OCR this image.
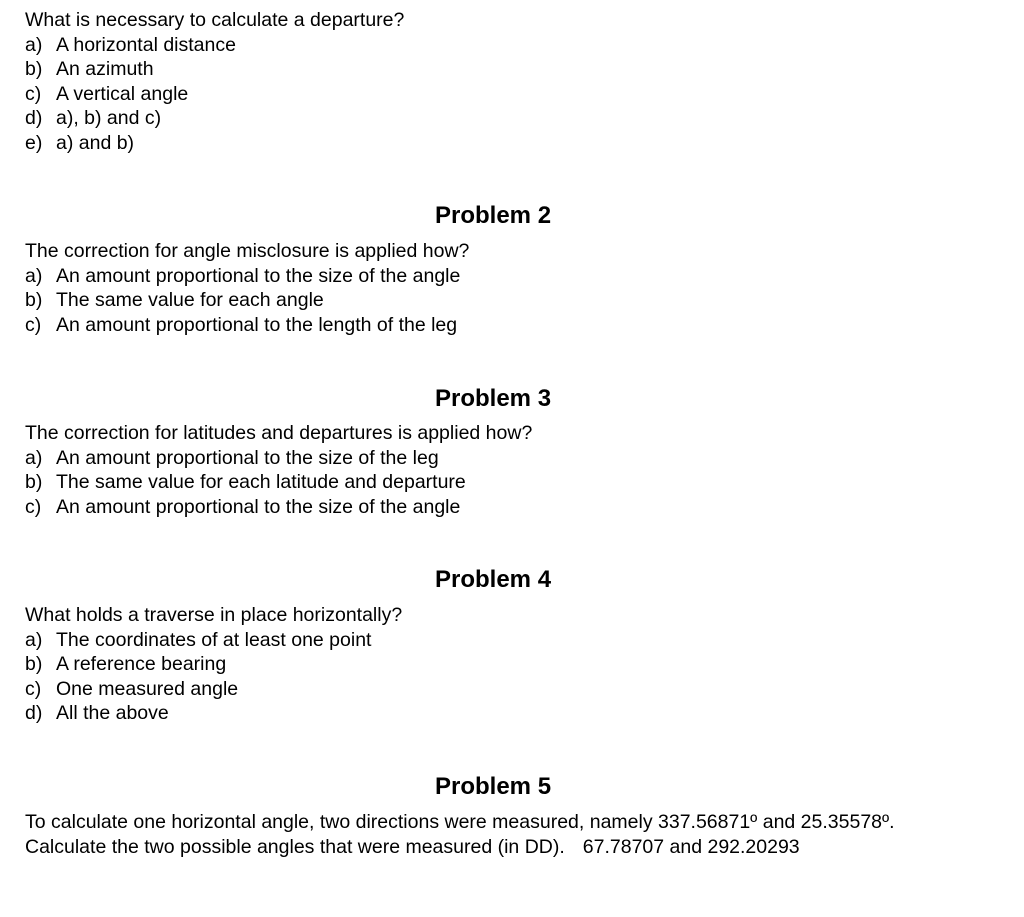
What is necessary to calculate a departure?
a) A horizontal distance
b) An azimuth
c) A vertical angle
d) a), b) and c)
e) a) and b)
Problem 2
The correction for angle misclosure is applied how?
a) An amount proportional to the size of the angle
b) The same value for each angle
c) An amount proportional to the length of the leg
Problem 3
The correction for latitudes and departures is applied how?
a) An amount proportional to the size of the leg
b) The same value for each latitude and departure
c) An amount proportional to the size of the angle
Problem 4
What holds a traverse in place horizontally?
a) The coordinates of at least one point
b) A reference bearing
c) One measured angle
d) All the above
Problem 5
To calculate one horizontal angle, two directions were measured, namely 337.56871º and 25.35578º.
Calculate the two possible angles that were measured (in DD). 67.78707 and 292.20293
